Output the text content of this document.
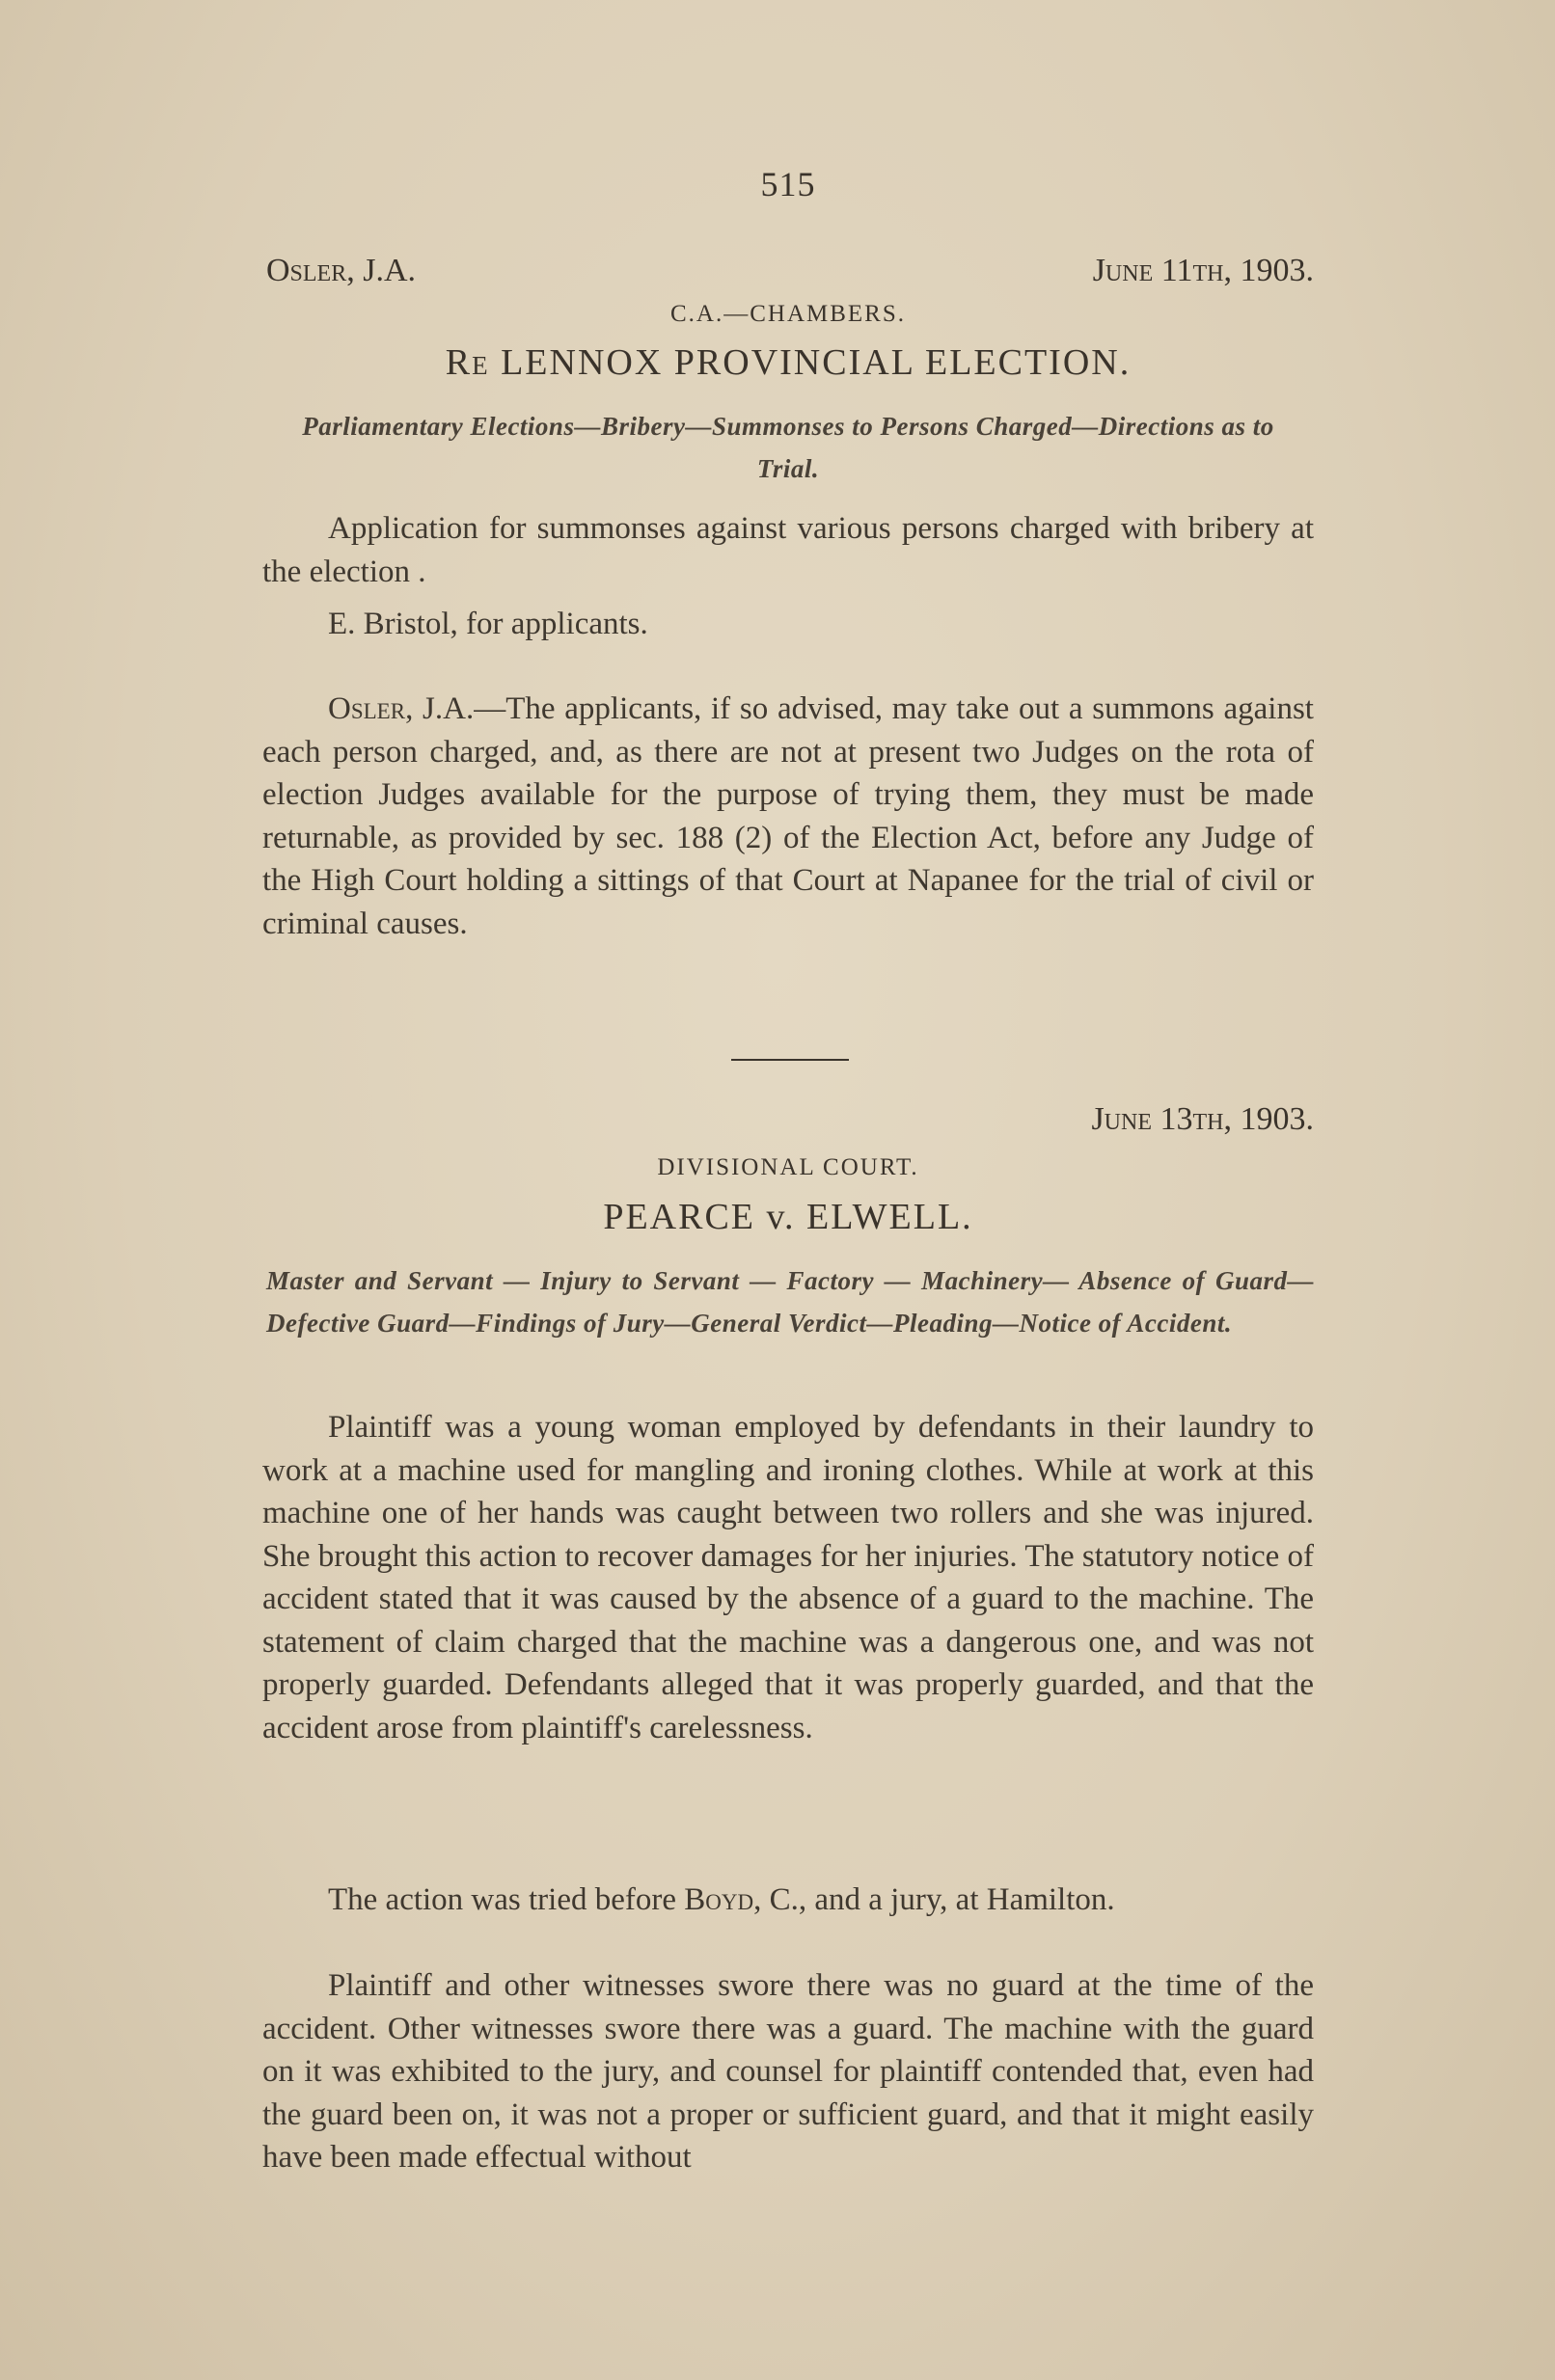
515
Osler, J.A.	June 11th, 1903.
C.A.—CHAMBERS.
Re LENNOX PROVINCIAL ELECTION.
Parliamentary Elections—Bribery—Summonses to Persons Charged—Directions as to Trial.
Application for summonses against various persons charged with bribery at the election .
E. Bristol, for applicants.
Osler, J.A.—The applicants, if so advised, may take out a summons against each person charged, and, as there are not at present two Judges on the rota of election Judges available for the purpose of trying them, they must be made returnable, as provided by sec. 188 (2) of the Election Act, before any Judge of the High Court holding a sittings of that Court at Napanee for the trial of civil or criminal causes.
June 13th, 1903.
DIVISIONAL COURT.
PEARCE v. ELWELL.
Master and Servant — Injury to Servant — Factory — Machinery— Absence of Guard—Defective Guard—Findings of Jury—General Verdict—Pleading—Notice of Accident.
Plaintiff was a young woman employed by defendants in their laundry to work at a machine used for mangling and ironing clothes. While at work at this machine one of her hands was caught between two rollers and she was injured. She brought this action to recover damages for her injuries. The statutory notice of accident stated that it was caused by the absence of a guard to the machine. The statement of claim charged that the machine was a dangerous one, and was not properly guarded. Defendants alleged that it was properly guarded, and that the accident arose from plaintiff's carelessness.
The action was tried before Boyd, C., and a jury, at Hamilton.
Plaintiff and other witnesses swore there was no guard at the time of the accident. Other witnesses swore there was a guard. The machine with the guard on it was exhibited to the jury, and counsel for plaintiff contended that, even had the guard been on, it was not a proper or sufficient guard, and that it might easily have been made effectual without
